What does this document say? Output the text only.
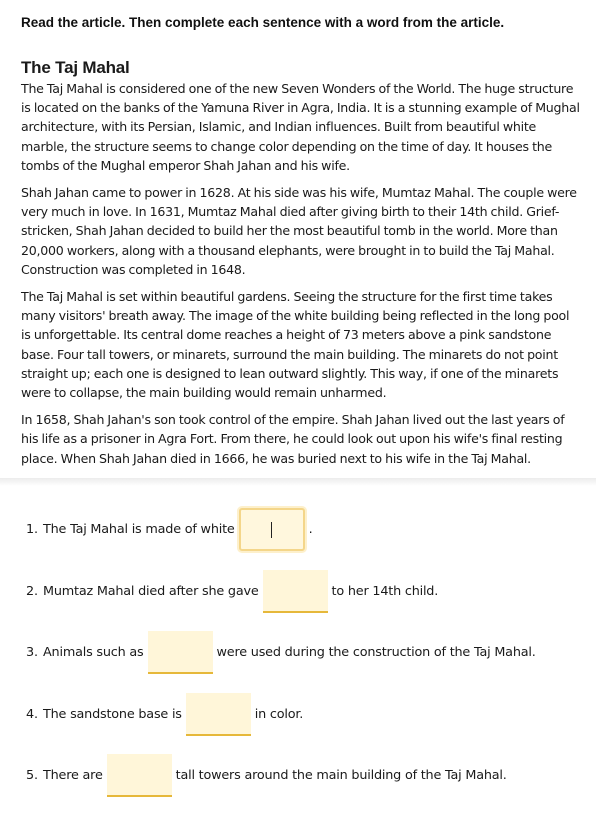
Read the article. Then complete each sentence with a word from the article.
The Taj Mahal

The Taj Mahal is considered one of the new Seven Wonders of the World. The huge structure is located on the banks of the Yamuna River in Agra, India. It is a stunning example of Mughal architecture, with its Persian, Islamic, and Indian influences. Built from beautiful white marble, the structure seems to change color depending on the time of day. It houses the tombs of the Mughal emperor Shah Jahan and his wife.

Shah Jahan came to power in 1628. At his side was his wife, Mumtaz Mahal. The couple were very much in love. In 1631, Mumtaz Mahal died after giving birth to their 14th child. Grief-stricken, Shah Jahan decided to build her the most beautiful tomb in the world. More than 20,000 workers, along with a thousand elephants, were brought in to build the Taj Mahal. Construction was completed in 1648.

The Taj Mahal is set within beautiful gardens. Seeing the structure for the first time takes many visitors' breath away. The image of the white building being reflected in the long pool is unforgettable. Its central dome reaches a height of 73 meters above a pink sandstone base. Four tall towers, or minarets, surround the main building. The minarets do not point straight up; each one is designed to lean outward slightly. This way, if one of the minarets were to collapse, the main building would remain unharmed.

In 1658, Shah Jahan's son took control of the empire. Shah Jahan lived out the last years of his life as a prisoner in Agra Fort. From there, he could look out upon his wife's final resting place. When Shah Jahan died in 1666, he was buried next to his wife in the Taj Mahal.

1. The Taj Mahal is made of white	.
2. Mumtaz Mahal died after she gave	to her 14th child.
3. Animals such as	were used during the construction of the Taj Mahal.
4. The sandstone base is	in color.
5. There are	tall towers around the main building of the Taj Mahal.
